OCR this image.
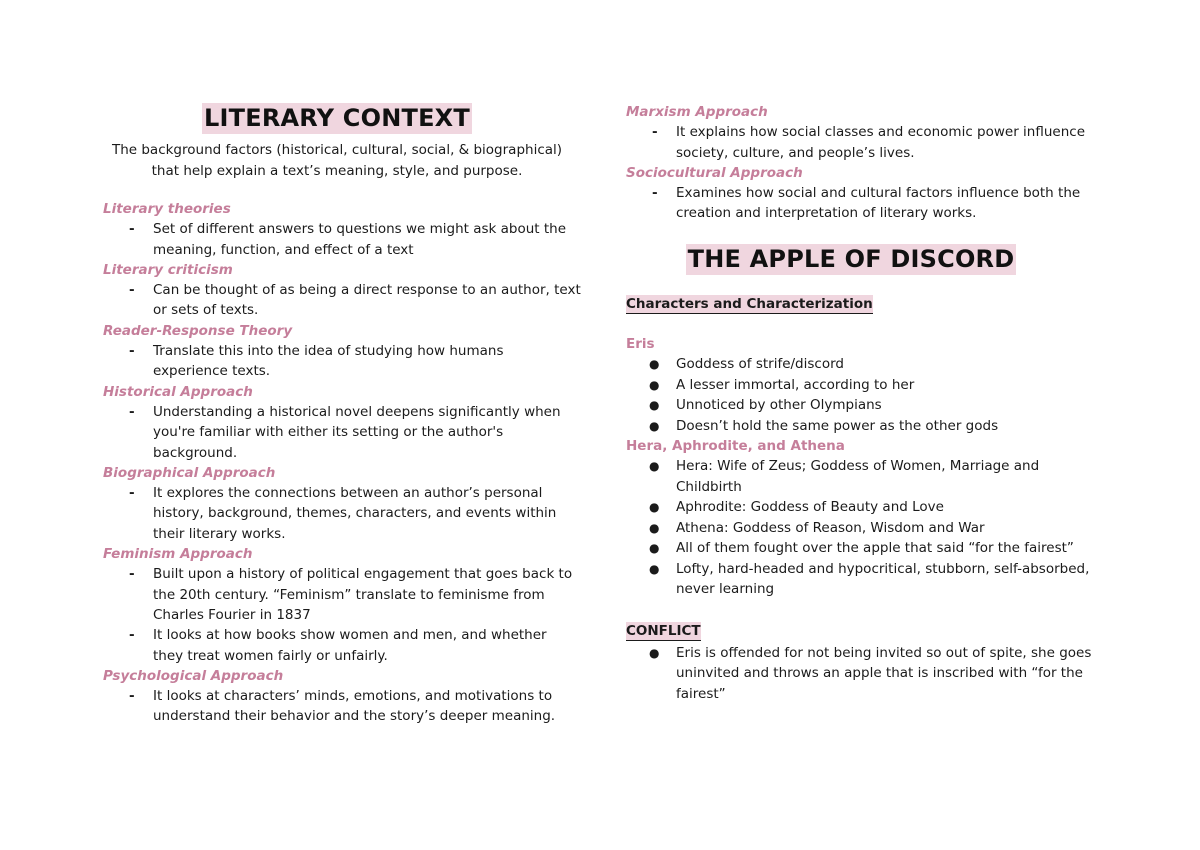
LITERARY CONTEXT

The background factors (historical, cultural, social, & biographical)
that help explain a text’s meaning, style, and purpose.

Literary theories
- Set of different answers to questions we might ask about the meaning, function, and effect of a text
Literary criticism
- Can be thought of as being a direct response to an author, text or sets of texts.
Reader-Response Theory
- Translate this into the idea of studying how humans experience texts.
Historical Approach
- Understanding a historical novel deepens significantly when you're familiar with either its setting or the author's background.
Biographical Approach
- It explores the connections between an author’s personal history, background, themes, characters, and events within their literary works.
Feminism Approach
- Built upon a history of political engagement that goes back to the 20th century. “Feminism” translate to feminisme from Charles Fourier in 1837
- It looks at how books show women and men, and whether they treat women fairly or unfairly.
Psychological Approach
- It looks at characters’ minds, emotions, and motivations to understand their behavior and the story’s deeper meaning.
Marxism Approach
- It explains how social classes and economic power influence society, culture, and people’s lives.
Sociocultural Approach
- Examines how social and cultural factors influence both the creation and interpretation of literary works.
THE APPLE OF DISCORD
Characters and Characterization
Eris
● Goddess of strife/discord
● A lesser immortal, according to her
● Unnoticed by other Olympians
● Doesn’t hold the same power as the other gods
Hera, Aphrodite, and Athena
● Hera: Wife of Zeus; Goddess of Women, Marriage and Childbirth
● Aphrodite: Goddess of Beauty and Love
● Athena: Goddess of Reason, Wisdom and War
● All of them fought over the apple that said “for the fairest”
● Lofty, hard-headed and hypocritical, stubborn, self-absorbed, never learning
CONFLICT
● Eris is offended for not being invited so out of spite, she goes uninvited and throws an apple that is inscribed with “for the fairest”
